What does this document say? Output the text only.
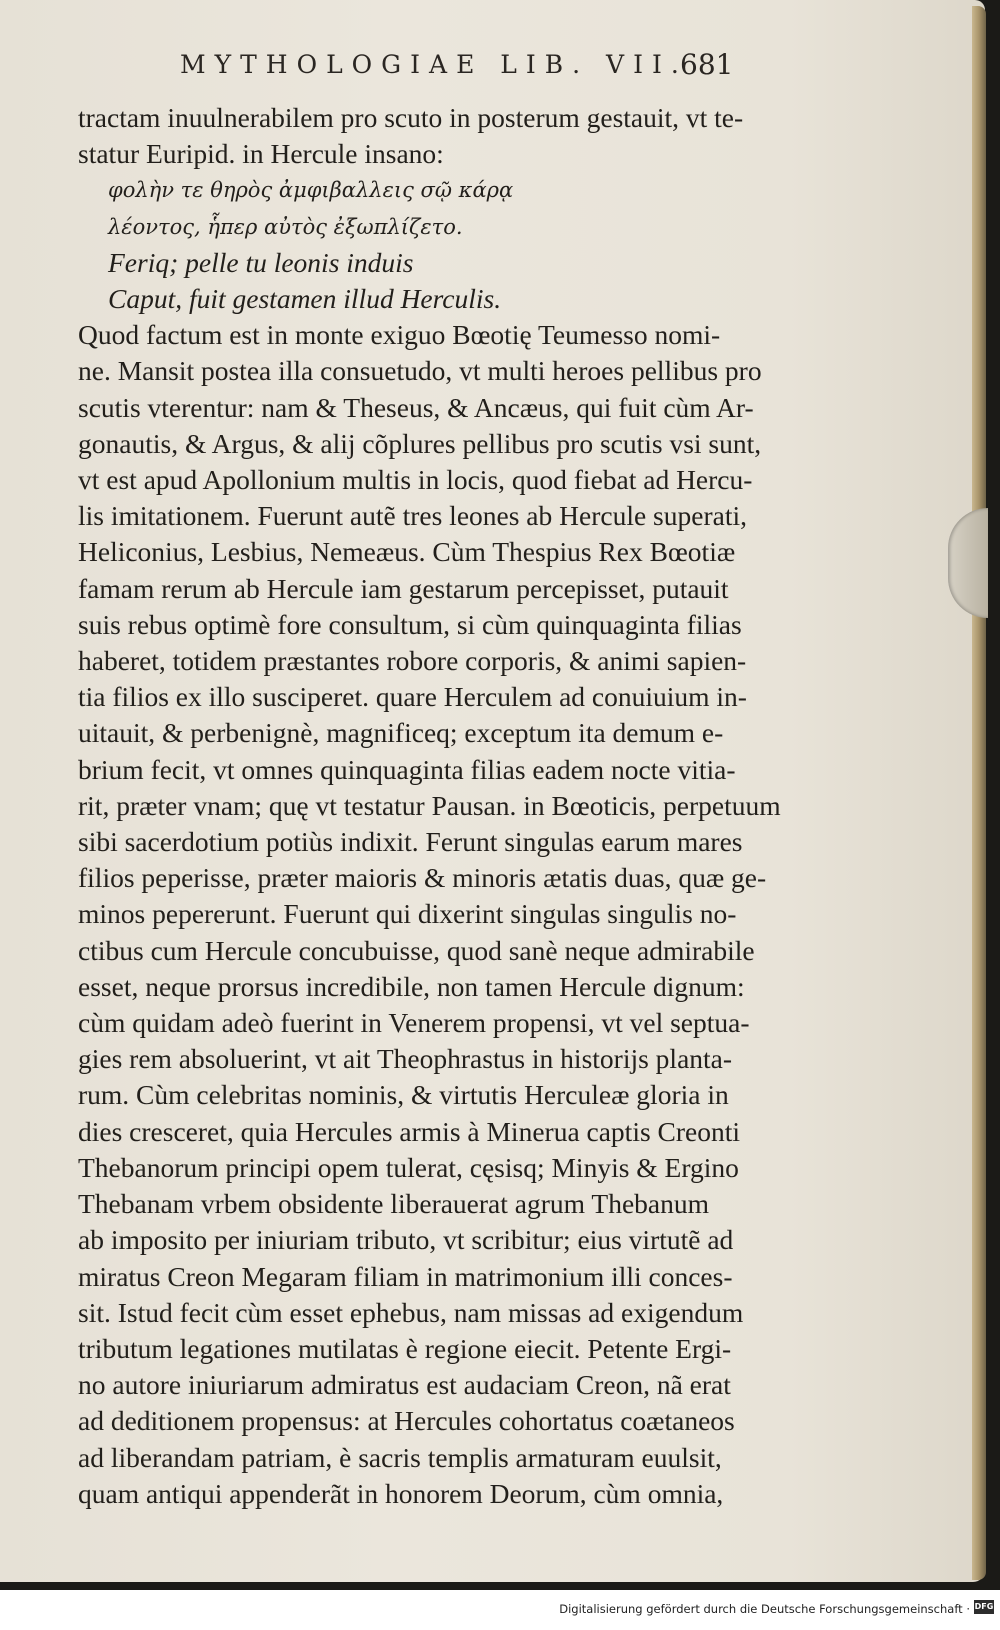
MYTHOLOGIAE LIB. VII.
681
tractam inuulnerabilem pro scuto in posterum gestauit, vt te-
statur Euripid. in Hercule insano:
φολὴν τε θηρὸς ἀμφιβαλλεις σῷ κάρᾳ
λέοντος, ἧπερ αὐτὸς ἐξωπλίζετο.
Feriq; pelle tu leonis induis
Caput, fuit gestamen illud Herculis.
Quod factum est in monte exiguo Bœotię Teumesso nomi-
ne. Mansit postea illa consuetudo, vt multi heroes pellibus pro
scutis vterentur: nam & Theseus, & Ancæus, qui fuit cùm Ar-
gonautis, & Argus, & alij cõplures pellibus pro scutis vsi sunt,
vt est apud Apollonium multis in locis, quod fiebat ad Hercu-
lis imitationem. Fuerunt autẽ tres leones ab Hercule superati,
Heliconius, Lesbius, Nemeæus. Cùm Thespius Rex Bœotiæ
famam rerum ab Hercule iam gestarum percepisset, putauit
suis rebus optimè fore consultum, si cùm quinquaginta filias
haberet, totidem præstantes robore corporis, & animi sapien-
tia filios ex illo susciperet. quare Herculem ad conuiuium in-
uitauit, & perbenignè, magnificeq; exceptum ita demum e-
brium fecit, vt omnes quinquaginta filias eadem nocte vitia-
rit, præter vnam; quę vt testatur Pausan. in Bœoticis, perpetuum
sibi sacerdotium potiùs indixit. Ferunt singulas earum mares
filios peperisse, præter maioris & minoris ætatis duas, quæ ge-
minos pepererunt. Fuerunt qui dixerint singulas singulis no-
ctibus cum Hercule concubuisse, quod sanè neque admirabile
esset, neque prorsus incredibile, non tamen Hercule dignum:
cùm quidam adeò fuerint in Venerem propensi, vt vel septua-
gies rem absoluerint, vt ait Theophrastus in historijs planta-
rum. Cùm celebritas nominis, & virtutis Herculeæ gloria in
dies cresceret, quia Hercules armis à Minerua captis Creonti
Thebanorum principi opem tulerat, cęsisq; Minyis & Ergino
Thebanam vrbem obsidente liberauerat agrum Thebanum
ab imposito per iniuriam tributo, vt scribitur; eius virtutẽ ad
miratus Creon Megaram filiam in matrimonium illi conces-
sit. Istud fecit cùm esset ephebus, nam missas ad exigendum
tributum legationes mutilatas è regione eiecit. Petente Ergi-
no autore iniuriarum admiratus est audaciam Creon, nã erat
ad deditionem propensus: at Hercules cohortatus coætaneos
ad liberandam patriam, è sacris templis armaturam euulsit,
quam antiqui appenderãt in honorem Deorum, cùm omnia,
Digitalisierung gefördert durch die Deutsche Forschungsgemeinschaft · DFG
